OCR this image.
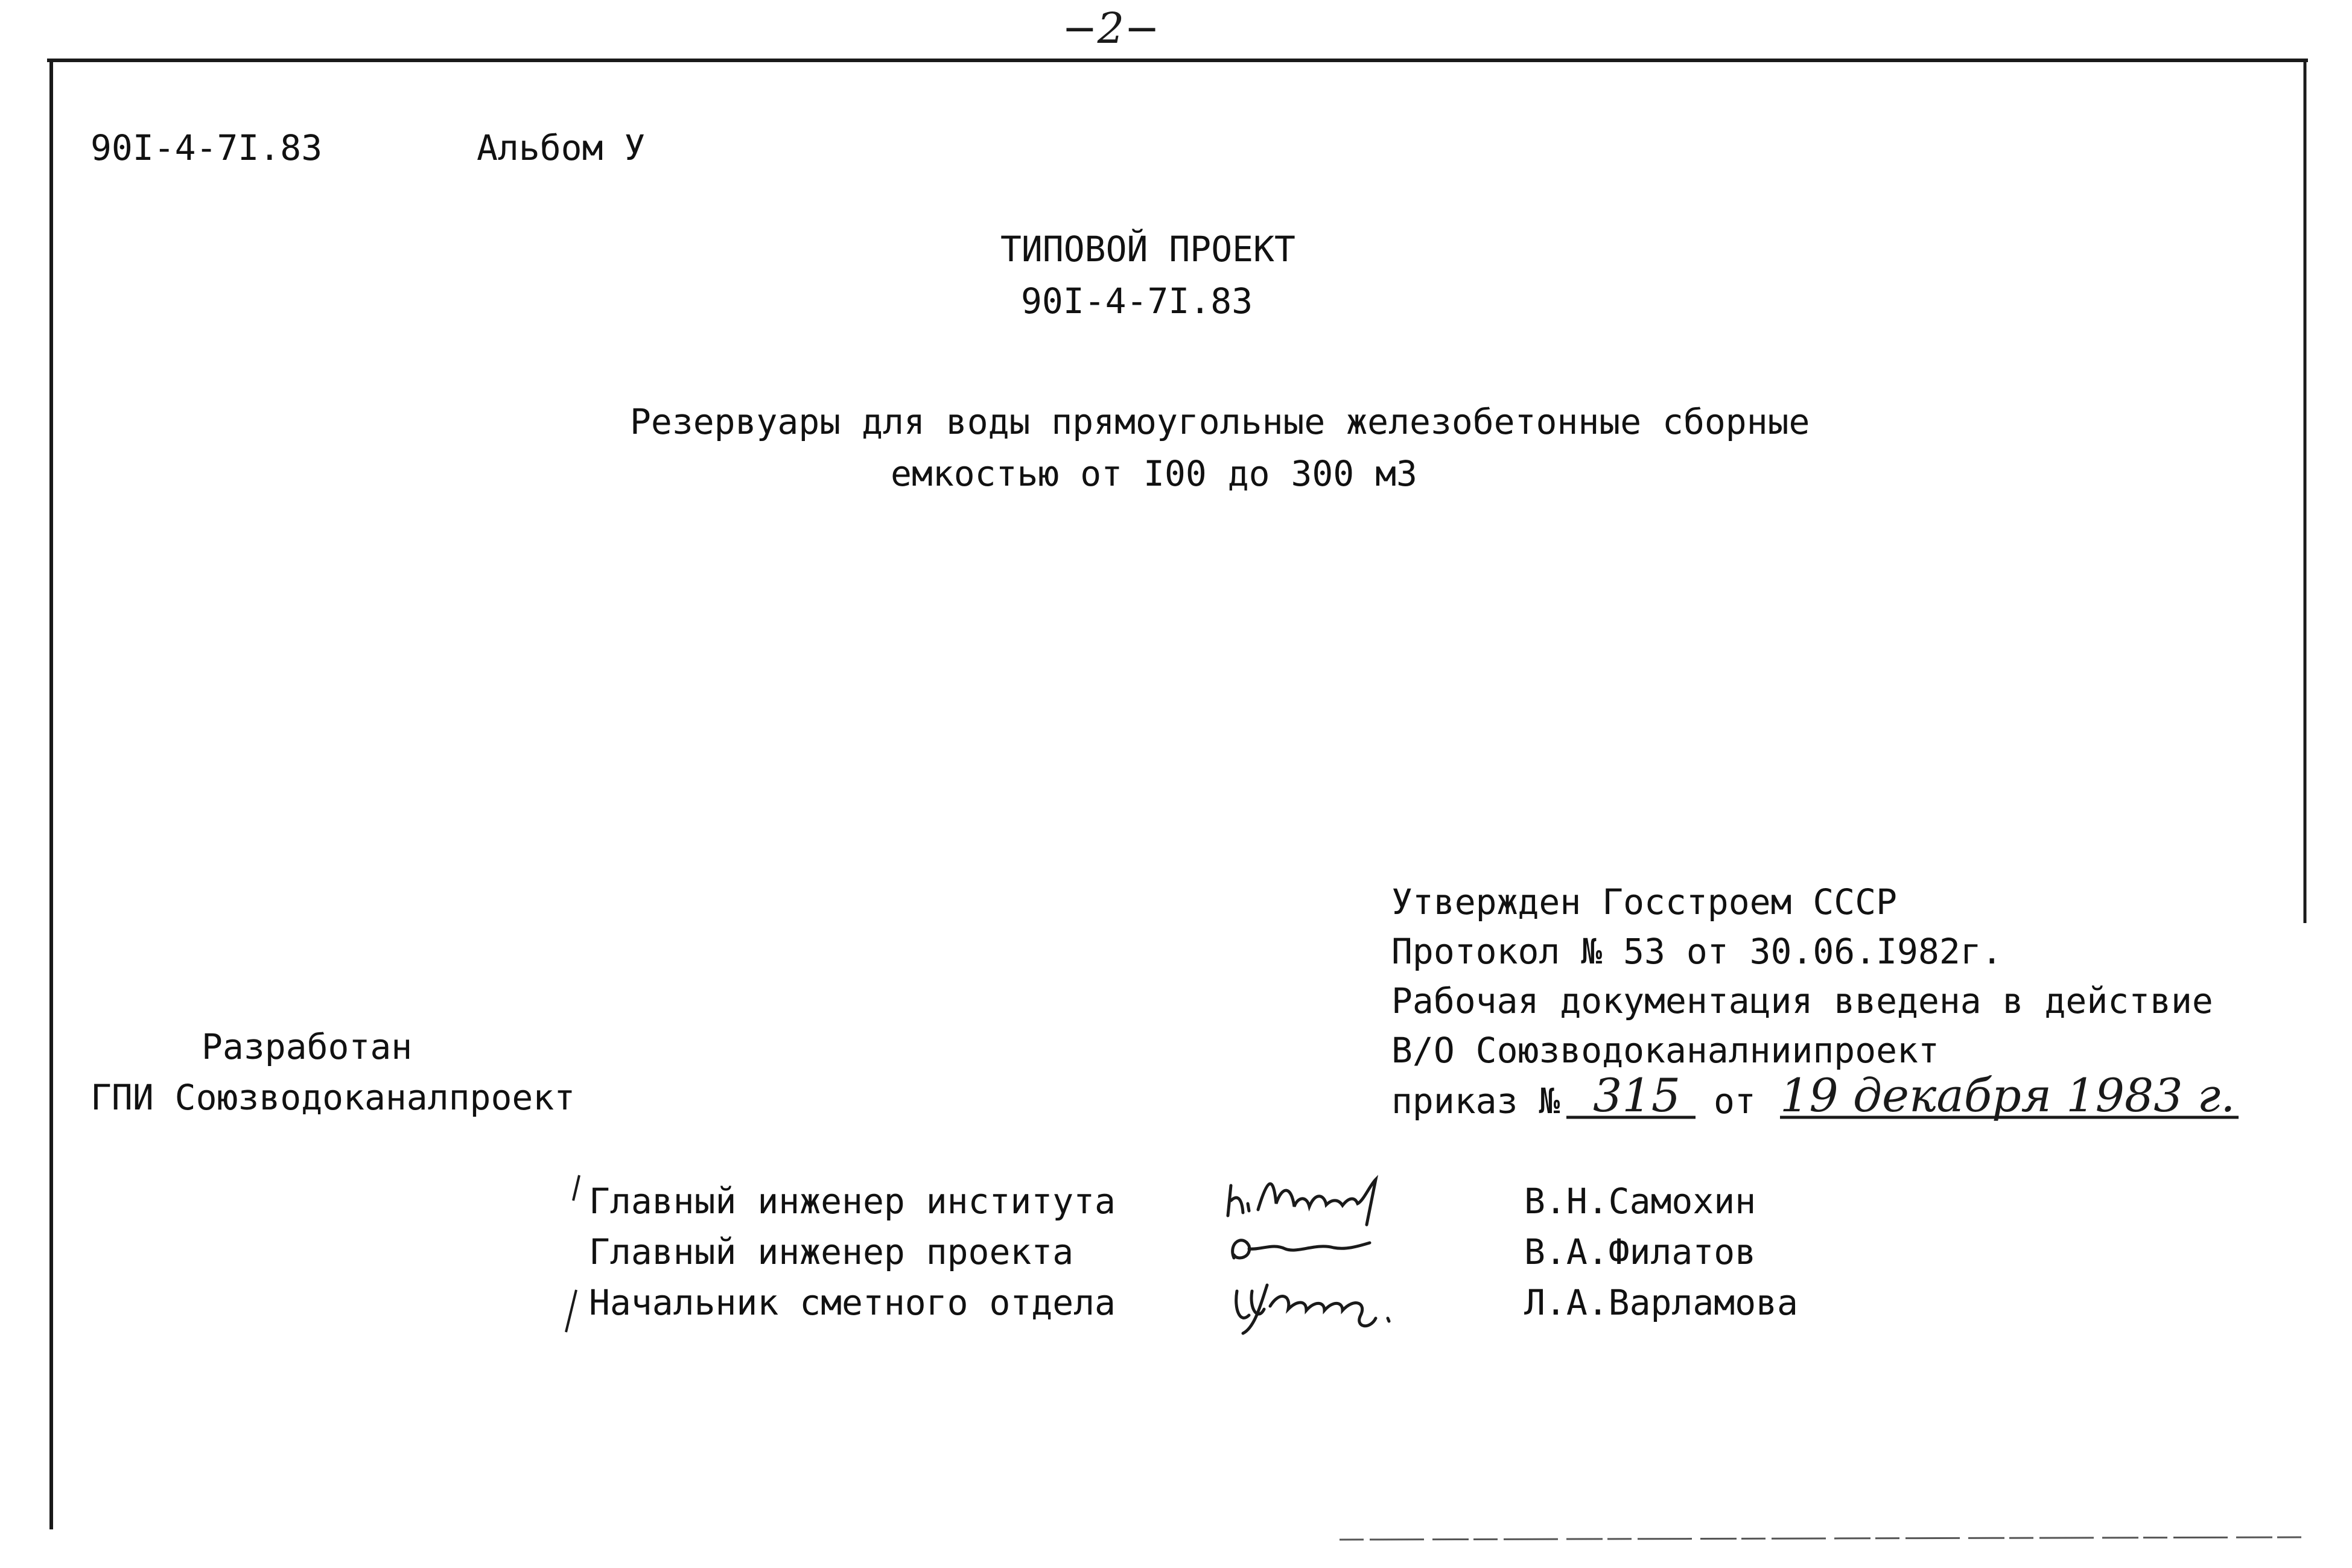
−2−
90I-4-7I.83	Альбом У
ТИПОВОЙ ПРОЕКТ
90I-4-7I.83
Резервуары для воды прямоугольные железобетонные сборные
емкостью от I00 до 300 м3
Утвержден Госстроем СССР
Протокол № 53 от 30.06.I982г.
Рабочая документация введена в действие
В/О Союзводоканалниипроект
приказ № 315 от 19 декабря 1983 г.
Разработан
ГПИ Союзводоканалпроект
Главный инженер института
Главный инженер проекта
Начальник сметного отдела
В.Н.Самохин
В.А.Филатов
Л.А.Варламова
